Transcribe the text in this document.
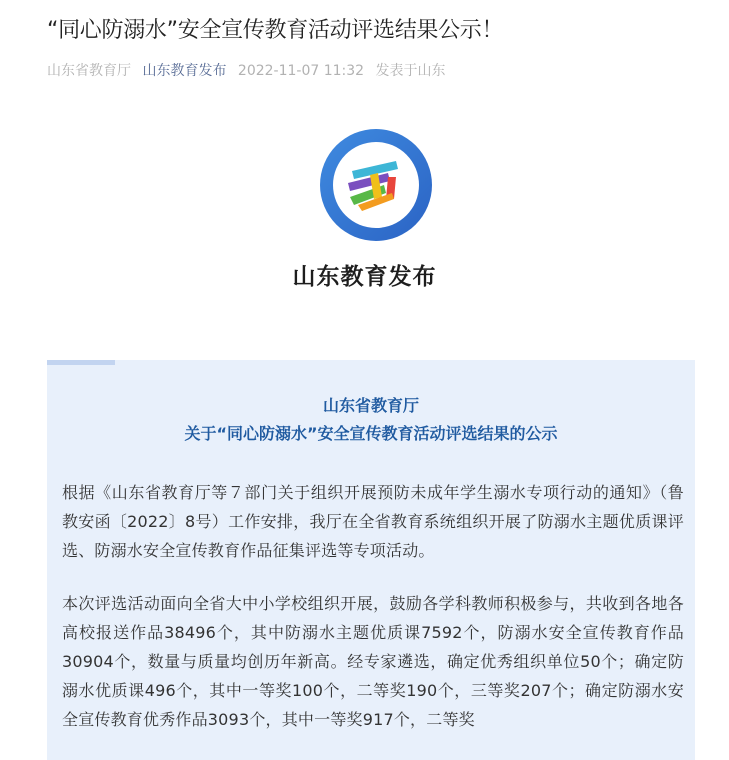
“同心防溺水”安全宣传教育活动评选结果公示！
山东省教育厅 山东教育发布 2022-11-07 11:32 发表于山东
山东教育发布
山东省教育厅
关于“同心防溺水”安全宣传教育活动评选结果的公示

根据《山东省教育厅等７部门关于组织开展预防未成年学生溺水专项行动的通知》（鲁教安函〔2022〕8号）工作安排，我厅在全省教育系统组织开展了防溺水主题优质课评选、防溺水安全宣传教育作品征集评选等专项活动。

本次评选活动面向全省大中小学校组织开展，鼓励各学科教师积极参与，共收到各地各高校报送作品38496个，其中防溺水主题优质课7592个，防溺水安全宣传教育作品30904个，数量与质量均创历年新高。经专家遴选，确定优秀组织单位50个；确定防溺水优质课496个，其中一等奖100个，二等奖190个，三等奖207个；确定防溺水安全宣传教育优秀作品3093个，其中一等奖917个，二等奖
